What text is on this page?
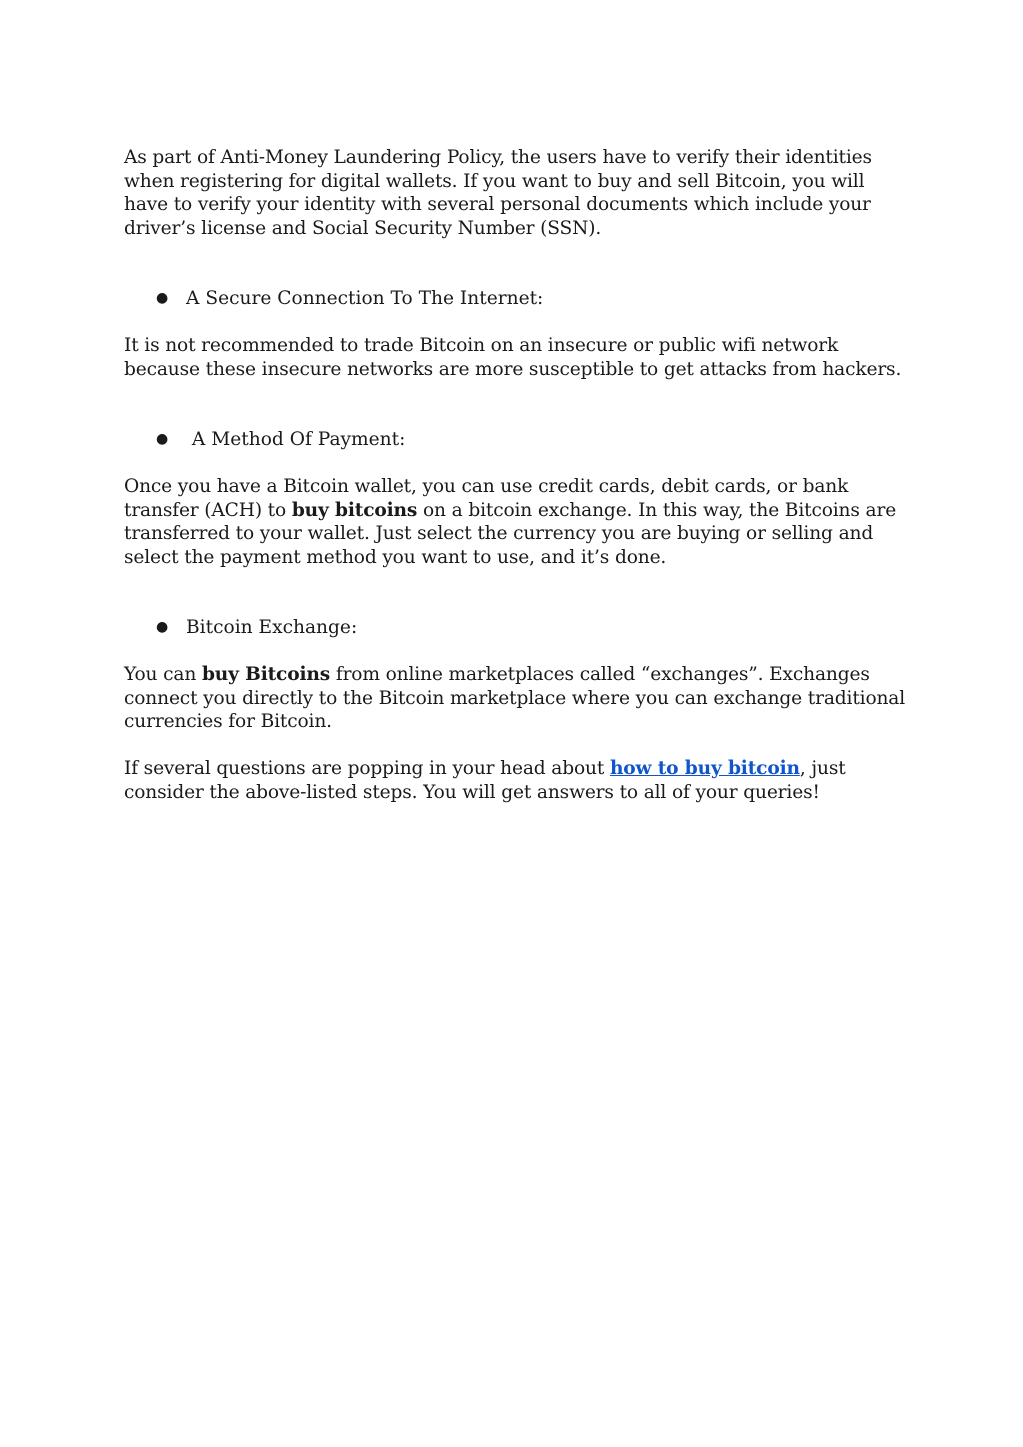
As part of Anti-Money Laundering Policy, the users have to verify their identities when registering for digital wallets. If you want to buy and sell Bitcoin, you will have to verify your identity with several personal documents which include your driver’s license and Social Security Number (SSN).

● A Secure Connection To The Internet:

It is not recommended to trade Bitcoin on an insecure or public wifi network because these insecure networks are more susceptible to get attacks from hackers.

● A Method Of Payment:

Once you have a Bitcoin wallet, you can use credit cards, debit cards, or bank transfer (ACH) to buy bitcoins on a bitcoin exchange. In this way, the Bitcoins are transferred to your wallet. Just select the currency you are buying or selling and select the payment method you want to use, and it’s done.

● Bitcoin Exchange:

You can buy Bitcoins from online marketplaces called “exchanges”. Exchanges connect you directly to the Bitcoin marketplace where you can exchange traditional currencies for Bitcoin.

If several questions are popping in your head about how to buy bitcoin, just consider the above-listed steps. You will get answers to all of your queries!
